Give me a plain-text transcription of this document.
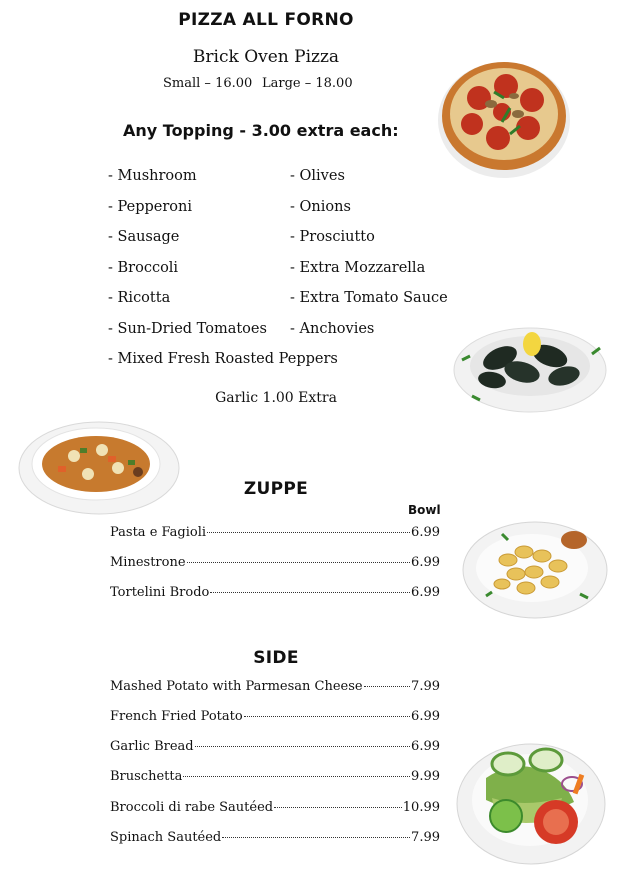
PIZZA ALL FORNO
Brick Oven Pizza
Small – 16.00 Large – 18.00
Any Topping - 3.00 extra each:
- Mushroom
- Pepperoni
- Sausage
- Broccoli
- Ricotta
- Sun-Dried Tomatoes
- Mixed Fresh Roasted Peppers
- Olives
- Onions
- Prosciutto
- Extra Mozzarella
- Extra Tomato Sauce
- Anchovies
Garlic 1.00 Extra
ZUPPE
Bowl
Pasta e Fagioli	6.99
Minestrone	6.99
Tortelini Brodo	6.99
SIDE
Mashed Potato with Parmesan Cheese	7.99
French Fried Potato	6.99
Garlic Bread	6.99
Bruschetta	9.99
Broccoli di rabe Sautéed	10.99
Spinach Sautéed	7.99
